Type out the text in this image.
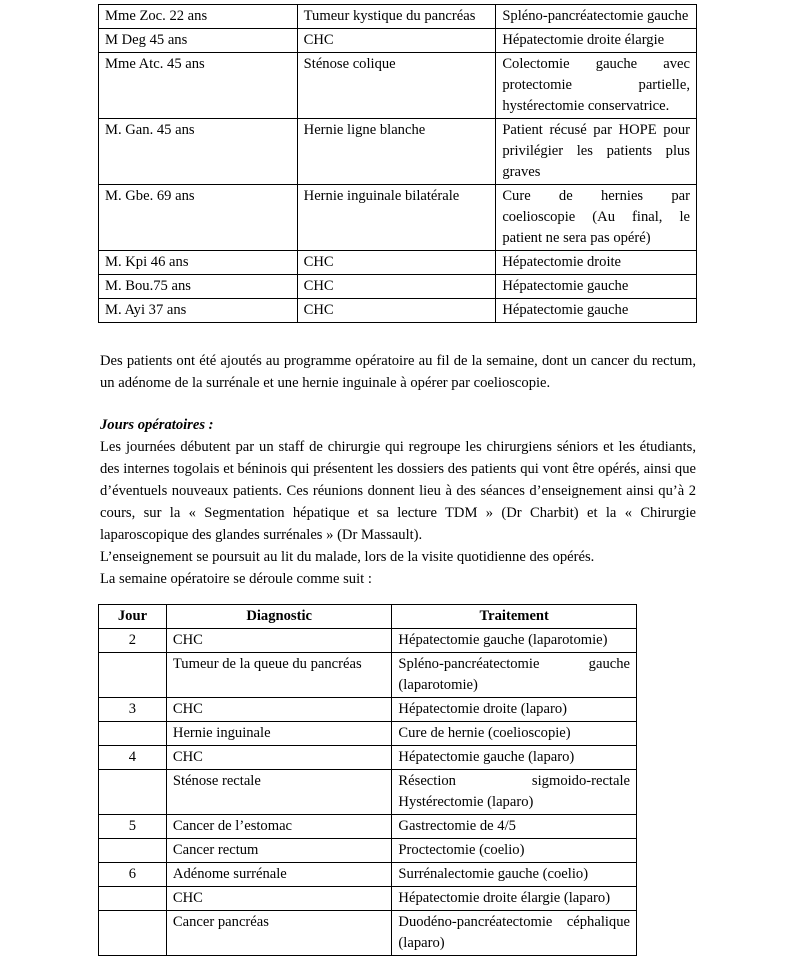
Mme Zoc. 22 ans	Tumeur kystique du pancréas	Spléno-pancréatectomie gauche
M Deg 45 ans	CHC	Hépatectomie droite élargie
Mme Atc. 45 ans	Sténose colique	Colectomie gauche avec protectomie partielle, hystérectomie conservatrice.
M. Gan. 45 ans	Hernie ligne blanche	Patient récusé par HOPE pour privilégier les patients plus graves
M. Gbe. 69 ans	Hernie inguinale bilatérale	Cure de hernies par coelioscopie (Au final, le patient ne sera pas opéré)
M. Kpi 46 ans	CHC	Hépatectomie droite
M. Bou.75 ans	CHC	Hépatectomie gauche
M. Ayi 37 ans	CHC	Hépatectomie gauche

Des patients ont été ajoutés au programme opératoire au fil de la semaine, dont un cancer du rectum, un adénome de la surrénale et une hernie inguinale à opérer par coelioscopie.

Jours opératoires :

Les journées débutent par un staff de chirurgie qui regroupe les chirurgiens séniors et les étudiants, des internes togolais et béninois qui présentent les dossiers des patients qui vont être opérés, ainsi que d’éventuels nouveaux patients. Ces réunions donnent lieu à des séances d’enseignement ainsi qu’à 2 cours, sur la « Segmentation hépatique et sa lecture TDM » (Dr Charbit) et la « Chirurgie laparoscopique des glandes surrénales » (Dr Massault).
L’enseignement se poursuit au lit du malade, lors de la visite quotidienne des opérés.
La semaine opératoire se déroule comme suit :
Jour	Diagnostic	Traitement
2	CHC	Hépatectomie gauche (laparotomie)
	Tumeur de la queue du pancréas	Spléno-pancréatectomie gauche (laparotomie)
3	CHC	Hépatectomie droite (laparo)
	Hernie inguinale	Cure de hernie (coelioscopie)
4	CHC	Hépatectomie gauche (laparo)
	Sténose rectale	Résection sigmoido-rectale Hystérectomie (laparo)
5	Cancer de l’estomac	Gastrectomie de 4/5
	Cancer rectum	Proctectomie (coelio)
6	Adénome surrénale	Surrénalectomie gauche (coelio)
	CHC	Hépatectomie droite élargie (laparo)
	Cancer pancréas	Duodéno-pancréatectomie céphalique (laparo)
